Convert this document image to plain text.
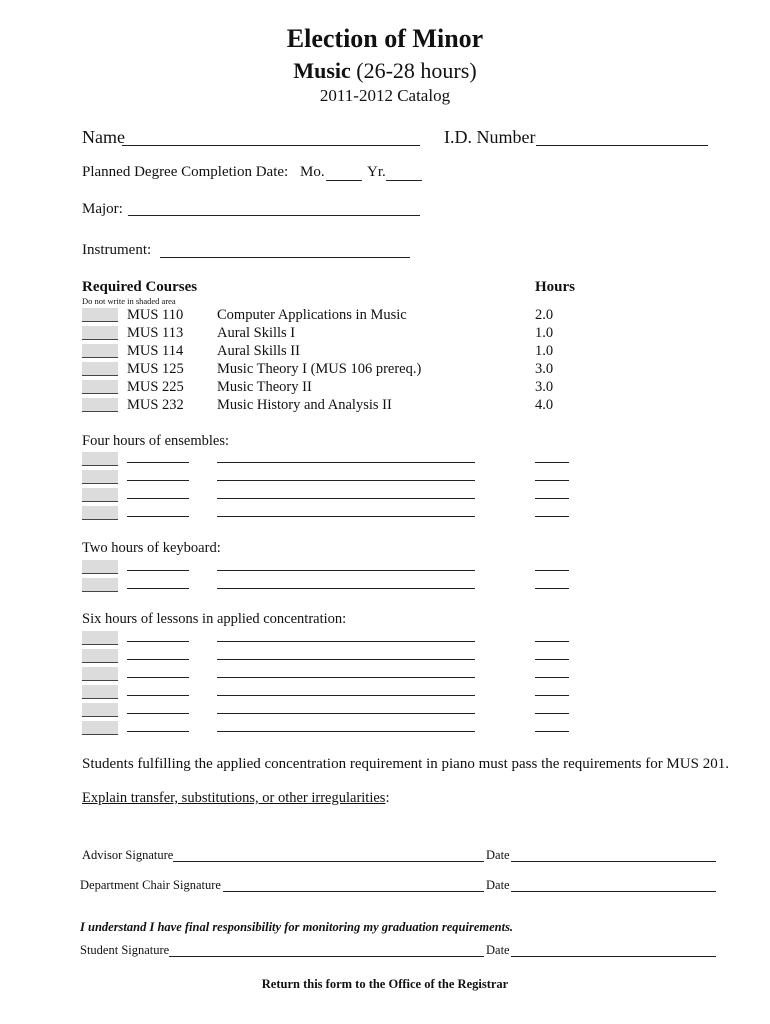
Election of Minor
Music (26-28 hours)
2011-2012 Catalog
Name	I.D. Number
Planned Degree Completion Date: Mo.	Yr.
Major:
Instrument:
Required Courses	Hours
Do not write in shaded area
MUS 110 Computer Applications in Music	2.0
MUS 113 Aural Skills I	1.0
MUS 114 Aural Skills II	1.0
MUS 125 Music Theory I (MUS 106 prereq.)	3.0
MUS 225 Music Theory II	3.0
MUS 232 Music History and Analysis II	4.0
Four hours of ensembles:
Two hours of keyboard:
Six hours of lessons in applied concentration:
Students fulfilling the applied concentration requirement in piano must pass the requirements for MUS 201.
Explain transfer, substitutions, or other irregularities:
Advisor Signature	Date
Department Chair Signature	Date
I understand I have final responsibility for monitoring my graduation requirements.
Student Signature	Date
Return this form to the Office of the Registrar
